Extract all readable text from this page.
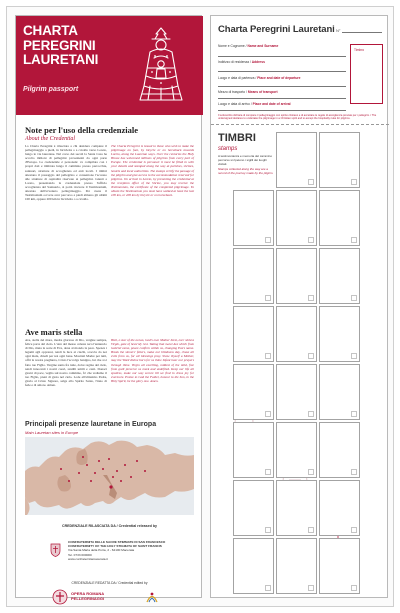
CHARTA
PEREGRINI
LAURETANI
Pilgrim passport
Note per l'uso della credenziale
About the Credential
La Charta Peregrini è rilasciata a chi desidera compiere il pellegrinaggio a piedi, in bicicletta o a cavallo verso Loreto, lungo le vie lauretane. Nel corso dei secoli la Santa Casa ha accolto milioni di pellegrini provenienti da ogni parte d'Europa. La credenziale è personale: va compilata con i propri dati e timbrata lungo il cammino presso parrocchie, santuari, strutture di accoglienza ed enti locali. I timbri attestano il passaggio del pellegrino e consentono l'accesso alle strutture di ospitalità riservate ai pellegrini. Giunti a Loreto, presentando la credenziale presso l'ufficio accoglienza del Santuario, si potrà ricevere il Testimonium, attestato dell'avvenuto pellegrinaggio. Per avere il Testimonium occorre aver percorso a piedi almeno gli ultimi 100 km, oppure 200 km in bicicletta o a cavallo.
The Charta Peregrini is issued to those who wish to make the pilgrimage on foot, by bicycle or on horseback towards Loreto, along the Lauretan ways. Over the centuries the Holy House has welcomed millions of pilgrims from every part of Europe. The credential is personal: it must be filled in with your details and stamped along the way at parishes, shrines, hostels and local authorities. The stamps certify the passage of the pilgrim and give access to the accommodation reserved for pilgrims. On arrival in Loreto, by presenting the credential at the reception office of the Shrine, you may receive the Testimonium, the certificate of the completed pilgrimage. To obtain the Testimonium you must have walked at least the last 100 km, or 200 km by bicycle or on horseback.
Ave maris stella
Ave, stella del mare, madre gloriosa di Dio, vergine sempre, felice porta del cielo. L'Ave del messo celeste reca l'annuncio di Dio, muta la sorte di Eva, dona al mondo la pace. Spezza i legami agli oppressi, rendi la luce ai ciechi, scaccia da noi ogni male, chiedi per noi ogni bene. Mostrati Madre per tutti, offri la nostra preghiera, Cristo l'accolga benigno, lui che si è fatto tuo Figlio. Vergine santa fra tutte, dolce regina del cielo, rendi innocenti i nostri cuori, rendili umili e casti. Donaci giorni di pace, veglia sul nostro cammino, fa' che vediamo il tuo Figlio, pieni di gioia nel cielo. Lode all'altissimo Padre, gloria al Cristo Signore, salga allo Spirito Santo, l'inno di fede e di amore. Amen.
Hail, o star of the ocean, God's own Mother blest, ever sinless Virgin, gate of heav'nly rest. Taking that sweet Ave which from Gabriel came, peace confirm within us, changing Eva's name. Break the sinners' fetters, make our blindness day, chase all evils from us, for all blessings pray. Show thyself a Mother, may the Word divine born for us thine Infant hear our prayers through thine. Virgin all excelling, mildest of the mild, free from guilt preserve us meek and undefiled. Keep our life all spotless, make our way secure till we find in Jesus joy for evermore. Praise to God the Father, honour to the Son, in the Holy Spirit, be the glory one. Amen.
Principali presenze lauretane in Europa
Main Lauretan sites in Europe
CREDENZIALE RILASCIATA DA / Credential released by
CONFRATERNITA DELLE SACRE STIMMATE DI SAN FRANCESCO
CONFRATERNITY OF THE HOLY STIGMATA OF SAINT FRANCIS
Via Santa Maria della Porta, 2 - 62100 Macerata
Tel. 0733 000000
www.confraternitamacerata.it
CREDENZIALE REDATTA DA / Credential edited by
OPERA ROMANA
PELLEGRINAGGI
Charta Peregrini Lauretani N°
Nome e Cognome / Name and Surname
Indirizzo di residenza / Address
Luogo e data di partenza / Place and date of departure
Mezzo di trasporto / Means of transport
Luogo e data di arrivo / Place and date of arrival
Timbro
Il sottoscritto dichiara di compiere il pellegrinaggio con spirito cristiano e di accettare le regole di accoglienza previste per i pellegrini. / The undersigned declares to undertake the pilgrimage in a Christian spirit and to accept the hospitality rules for pilgrims.
TIMBRI
stamps
A testimonianza e memoria del cammino percorso si ripetono i sigilli dei luoghi visitati.
Stamps collected along the way are a record of the journey made by the pilgrim.
